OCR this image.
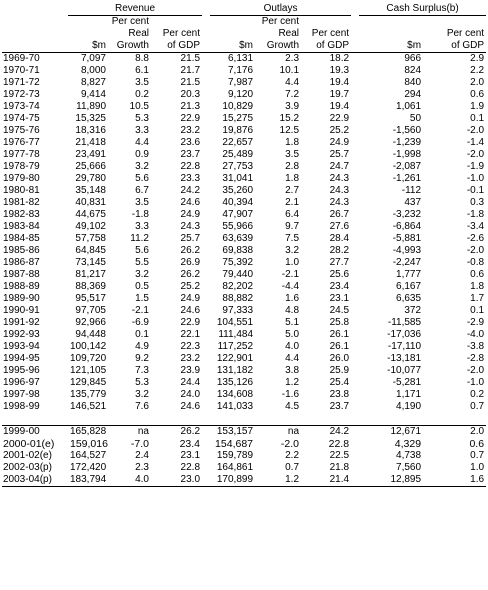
	Revenue				Outlays				Cash Surplus(b)	
		Per cent				Per cent				
		Real	Per cent			Real	Per cent			Per cent
	$m	Growth	of GDP		$m	Growth	of GDP		$m	of GDP
1969-70	7,097	8.8	21.5		6,131	2.3	18.2		966	2.9
1970-71	8,000	6.1	21.7		7,176	10.1	19.3		824	2.2
1971-72	8,827	3.5	21.5		7,987	4.4	19.4		840	2.0
1972-73	9,414	0.2	20.3		9,120	7.2	19.7		294	0.6
1973-74	11,890	10.5	21.3		10,829	3.9	19.4		1,061	1.9
1974-75	15,325	5.3	22.9		15,275	15.2	22.9		50	0.1
1975-76	18,316	3.3	23.2		19,876	12.5	25.2		-1,560	-2.0
1976-77	21,418	4.4	23.6		22,657	1.8	24.9		-1,239	-1.4
1977-78	23,491	0.9	23.7		25,489	3.5	25.7		-1,998	-2.0
1978-79	25,666	3.2	22.8		27,753	2.8	24.7		-2,087	-1.9
1979-80	29,780	5.6	23.3		31,041	1.8	24.3		-1,261	-1.0
1980-81	35,148	6.7	24.2		35,260	2.7	24.3		-112	-0.1
1981-82	40,831	3.5	24.6		40,394	2.1	24.3		437	0.3
1982-83	44,675	-1.8	24.9		47,907	6.4	26.7		-3,232	-1.8
1983-84	49,102	3.3	24.3		55,966	9.7	27.6		-6,864	-3.4
1984-85	57,758	11.2	25.7		63,639	7.5	28.4		-5,881	-2.6
1985-86	64,845	5.6	26.2		69,838	3.2	28.2		-4,993	-2.0
1986-87	73,145	5.5	26.9		75,392	1.0	27.7		-2,247	-0.8
1987-88	81,217	3.2	26.2		79,440	-2.1	25.6		1,777	0.6
1988-89	88,369	0.5	25.2		82,202	-4.4	23.4		6,167	1.8
1989-90	95,517	1.5	24.9		88,882	1.6	23.1		6,635	1.7
1990-91	97,705	-2.1	24.6		97,333	4.8	24.5		372	0.1
1991-92	92,966	-6.9	22.9		104,551	5.1	25.8		-11,585	-2.9
1992-93	94,448	0.1	22.1		111,484	5.0	26.1		-17,036	-4.0
1993-94	100,142	4.9	22.3		117,252	4.0	26.1		-17,110	-3.8
1994-95	109,720	9.2	23.2		122,901	4.4	26.0		-13,181	-2.8
1995-96	121,105	7.3	23.9		131,182	3.8	25.9		-10,077	-2.0
1996-97	129,845	5.3	24.4		135,126	1.2	25.4		-5,281	-1.0
1997-98	135,779	3.2	24.0		134,608	-1.6	23.8		1,171	0.2
1998-99	146,521	7.6	24.6		141,033	4.5	23.7		4,190	0.7

1999-00	165,828	na	26.2		153,157	na	24.2		12,671	2.0
2000-01(e)	159,016	-7.0	23.4		154,687	-2.0	22.8		4,329	0.6
2001-02(e)	164,527	2.4	23.1		159,789	2.2	22.5		4,738	0.7
2002-03(p)	172,420	2.3	22.8		164,861	0.7	21.8		7,560	1.0
2003-04(p)	183,794	4.0	23.0		170,899	1.2	21.4		12,895	1.6
